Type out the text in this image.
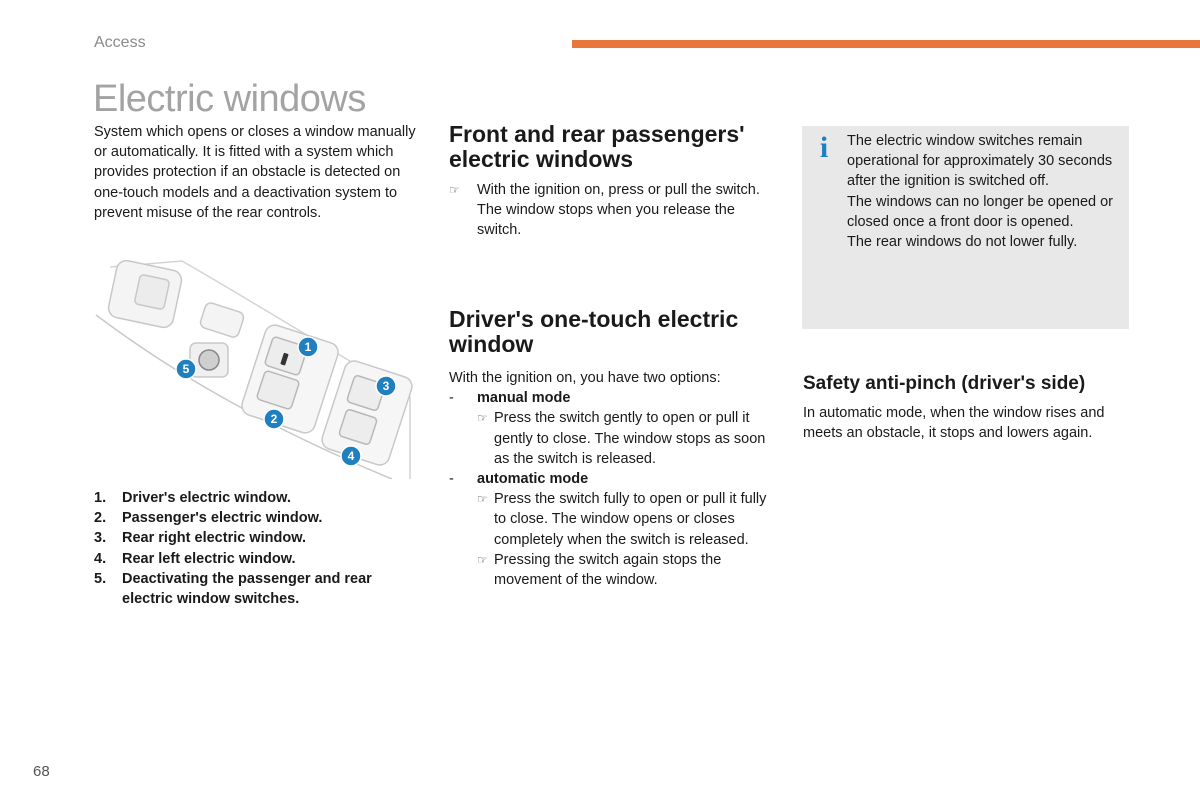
Access
Electric windows

System which opens or closes a window manually or automatically. It is fitted with a system which provides protection if an obstacle is detected on one-touch models and a deactivation system to prevent misuse of the rear controls.

1
2
3
4
5
1.	Driver's electric window.
2.	Passenger's electric window.
3.	Rear right electric window.
4.	Rear left electric window.
5.	Deactivating the passenger and rear electric window switches.
Front and rear passengers' electric windows
☞	With the ignition on, press or pull the switch. The window stops when you release the switch.
Driver's one-touch electric window

With the ignition on, you have two options:

-	manual mode
☞ Press the switch gently to open or pull it gently to close. The window stops as soon as the switch is released.
-	automatic mode
☞ Press the switch fully to open or pull it fully to close. The window opens or closes completely when the switch is released.
☞ Pressing the switch again stops the movement of the window.
i The electric window switches remain operational for approximately 30 seconds after the ignition is switched off.
The windows can no longer be opened or closed once a front door is opened.
The rear windows do not lower fully.
Safety anti-pinch (driver's side)

In automatic mode, when the window rises and meets an obstacle, it stops and lowers again.

68
